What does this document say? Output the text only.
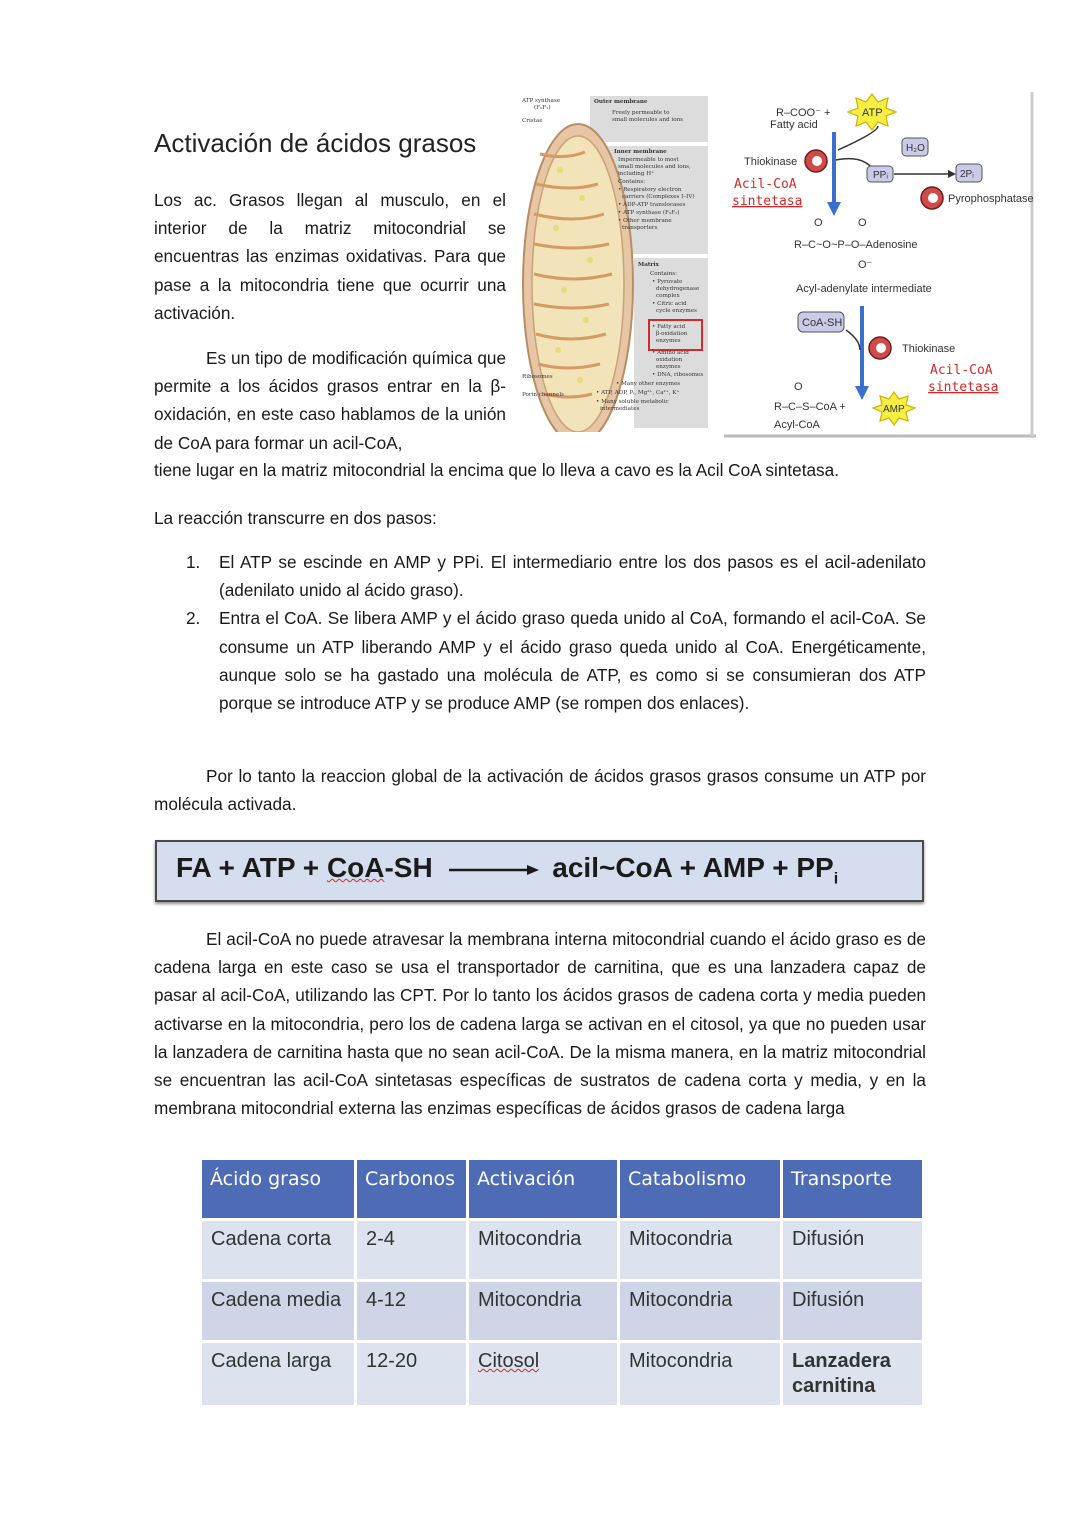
Activación de ácidos grasos
Los ac. Grasos llegan al musculo, en el interior de la matriz mitocondrial se encuentras las enzimas oxidativas. Para que pase a la mitocondria tiene que ocurrir una activación.
Es un tipo de modificación química que permite a los ácidos grasos entrar en la β-oxidación, en este caso hablamos de la unión de CoA para formar un acil-CoA,
tiene lugar en la matriz mitocondrial la encima que lo lleva a cavo es la Acil CoA sintetasa.
La reacción transcurre en dos pasos:
1. El ATP se escinde en AMP y PPi. El intermediario entre los dos pasos es el acil-adenilato (adenilato unido al ácido graso).
2. Entra el CoA. Se libera AMP y el ácido graso queda unido al CoA, formando el acil-CoA. Se consume un ATP liberando AMP y el ácido graso queda unido al CoA. Energéticamente, aunque solo se ha gastado una molécula de ATP, es como si se consumieran dos ATP porque se introduce ATP y se produce AMP (se rompen dos enlaces).
Por lo tanto la reaccion global de la activación de ácidos grasos grasos consume un ATP por molécula activada.
FA + ATP + CoA-SH	acil~CoA + AMP + $PP_i$
El acil-CoA no puede atravesar la membrana interna mitocondrial cuando el ácido graso es de cadena larga en este caso se usa el transportador de carnitina, que es una lanzadera capaz de pasar al acil-CoA, utilizando las CPT. Por lo tanto los ácidos grasos de cadena corta y media pueden activarse en la mitocondria, pero los de cadena larga se activan en el citosol, ya que no pueden usar la lanzadera de carnitina hasta que no sean acil-CoA. De la misma manera, en la matriz mitocondrial se encuentran las acil-CoA sintetasas específicas de sustratos de cadena corta y media, y en la membrana mitocondrial externa las enzimas específicas de ácidos grasos de cadena larga
ATP synthase
(F₀F₁)
Cristae
Ribosomes
Porin channels
Outer membrane
Freely permeable to
small molecules and ions
Inner membrane
Impermeable to most
small molecules and ions,
including H⁺
Contains:
• Respiratory electron
carriers (Complexes I–IV)
• ADP-ATP translocases
• ATP synthase (F₀F₁)
• Other membrane
transporters
Matrix
Contains:
• Pyruvate
dehydrogenase
complex
• Citric acid
cycle enzymes
• Fatty acid
β-oxidation
enzymes
• Amino acid
oxidation
enzymes
• DNA, ribosomes
• Many other enzymes
• ATP, ADP, Pᵢ, Mg²⁺, Ca²⁺, K⁺
• Many soluble metabolic
intermediates
R–COO⁻ +
Fatty acid
ATP
Thiokinase
PPᵢ
H₂O
2Pᵢ
Acil-CoA
sintetasa	Pyrophosphatase
O	O
R–C~O~P–O–Adenosine
O⁻
Acyl-adenylate intermediate
CoA-SH
Thiokinase
Acil-CoA
sintetasa
O
R–C–S–CoA +
Acyl-CoA
AMP
Ácido graso	Carbonos	Activación	Catabolismo	Transporte
Cadena corta	2-4	Mitocondria	Mitocondria	Difusión
Cadena media	4-12	Mitocondria	Mitocondria	Difusión
Cadena larga	12-20	Citosol	Mitocondria	Lanzadera carnitina
